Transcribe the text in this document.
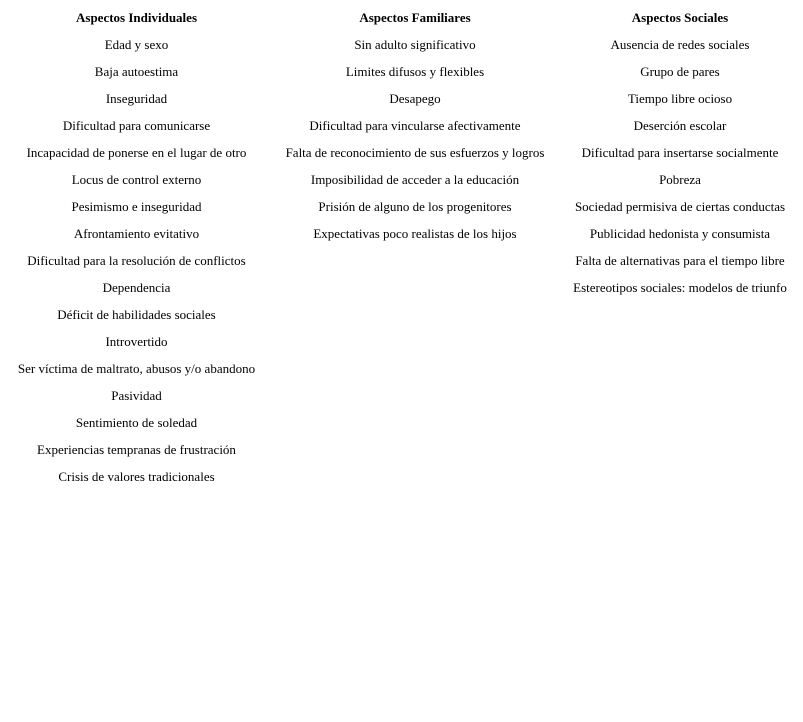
Aspectos Individuales
Edad y sexo
Baja autoestima
Inseguridad
Dificultad para comunicarse
Incapacidad de ponerse en el lugar de otro
Locus de control externo
Pesimismo e inseguridad
Afrontamiento evitativo
Dificultad para la resolución de conflictos
Dependencia
Déficit de habilidades sociales
Introvertido
Ser víctima de maltrato, abusos y/o abandono
Pasividad
Sentimiento de soledad
Experiencias tempranas de frustración
Crisis de valores tradicionales
Aspectos Familiares
Sin adulto significativo
Limites difusos y flexibles
Desapego
Dificultad para vincularse afectivamente
Falta de reconocimiento de sus esfuerzos y logros
Imposibilidad de acceder a la educación
Prisión de alguno de los progenitores
Expectativas poco realistas de los hijos
Aspectos Sociales
Ausencia de redes sociales
Grupo de pares
Tiempo libre ocioso
Deserción escolar
Dificultad para insertarse socialmente
Pobreza
Sociedad permisiva de ciertas conductas
Publicidad hedonista y consumista
Falta de alternativas para el tiempo libre
Estereotipos sociales: modelos de triunfo
